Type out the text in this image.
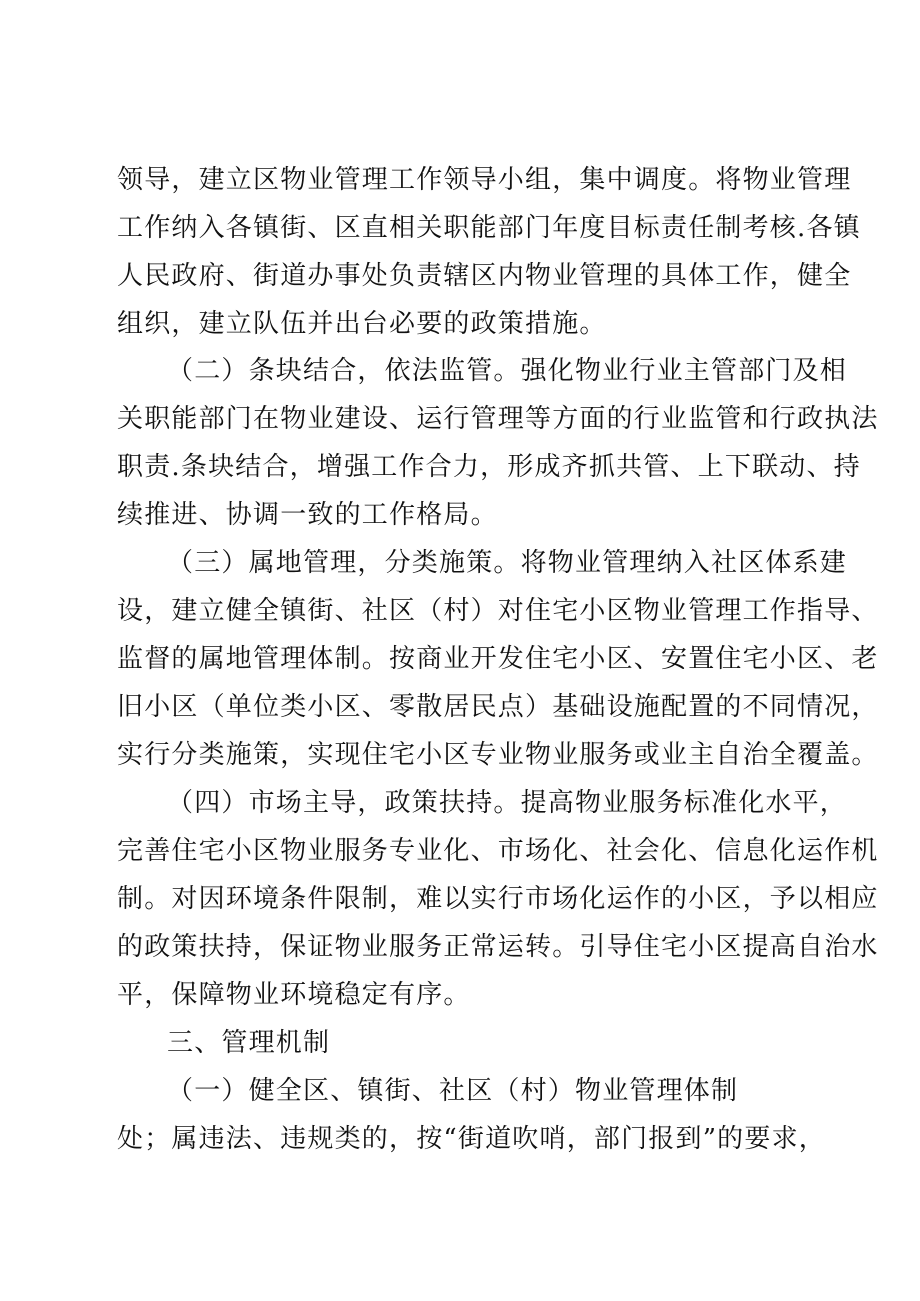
领导，建立区物业管理工作领导小组，集中调度。将物业管理
工作纳入各镇街、区直相关职能部门年度目标责任制考核.各镇
人民政府、街道办事处负责辖区内物业管理的具体工作，健全
组织，建立队伍并出台必要的政策措施。
（二）条块结合，依法监管。强化物业行业主管部门及相
关职能部门在物业建设、运行管理等方面的行业监管和行政执法
职责.条块结合，增强工作合力，形成齐抓共管、上下联动、持
续推进、协调一致的工作格局。
（三）属地管理，分类施策。将物业管理纳入社区体系建
设，建立健全镇街、社区（村）对住宅小区物业管理工作指导、
监督的属地管理体制。按商业开发住宅小区、安置住宅小区、老
旧小区（单位类小区、零散居民点）基础设施配置的不同情况，
实行分类施策，实现住宅小区专业物业服务或业主自治全覆盖。
（四）市场主导，政策扶持。提高物业服务标准化水平，
完善住宅小区物业服务专业化、市场化、社会化、信息化运作机
制。对因环境条件限制，难以实行市场化运作的小区，予以相应
的政策扶持，保证物业服务正常运转。引导住宅小区提高自治水
平，保障物业环境稳定有序。
三、管理机制
（一）健全区、镇街、社区（村）物业管理体制
处；属违法、违规类的，按“街道吹哨，部门报到”的要求，
